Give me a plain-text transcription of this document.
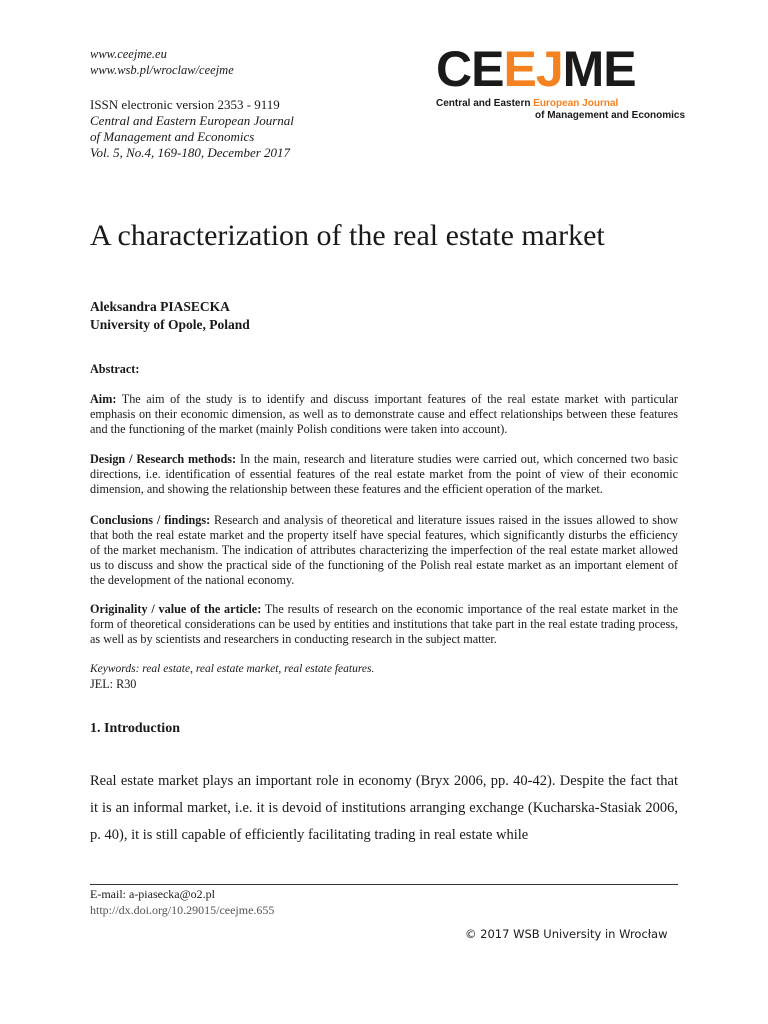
www.ceejme.eu
www.wsb.pl/wroclaw/ceejme
ISSN electronic version 2353 - 9119
Central and Eastern European Journal
of Management and Economics
Vol. 5, No.4, 169-180, December 2017
CEEJME
Central and Eastern European Journal
of Management and Economics
A characterization of the real estate market
Aleksandra PIASECKA
University of Opole, Poland
Abstract:
Aim: The aim of the study is to identify and discuss important features of the real estate market with particular emphasis on their economic dimension, as well as to demonstrate cause and effect relationships between these features and the functioning of the market (mainly Polish conditions were taken into account).
Design / Research methods: In the main, research and literature studies were carried out, which concerned two basic directions, i.e. identification of essential features of the real estate market from the point of view of their economic dimension, and showing the relationship between these features and the efficient operation of the market.
Conclusions / findings: Research and analysis of theoretical and literature issues raised in the issues allowed to show that both the real estate market and the property itself have special features, which significantly disturbs the efficiency of the market mechanism. The indication of attributes characterizing the imperfection of the real estate market allowed us to discuss and show the practical side of the functioning of the Polish real estate market as an important element of the development of the national economy.
Originality / value of the article: The results of research on the economic importance of the real estate market in the form of theoretical considerations can be used by entities and institutions that take part in the real estate trading process, as well as by scientists and researchers in conducting research in the subject matter.
Keywords: real estate, real estate market, real estate features.
JEL: R30
1. Introduction
Real estate market plays an important role in economy (Bryx 2006, pp. 40-42). Despite the fact that it is an informal market, i.e. it is devoid of institutions arranging exchange (Kucharska-Stasiak 2006, p. 40), it is still capable of efficiently facilitating trading in real estate while
E-mail: a-piasecka@o2.pl
http://dx.doi.org/10.29015/ceejme.655
© 2017 WSB University in Wrocław
